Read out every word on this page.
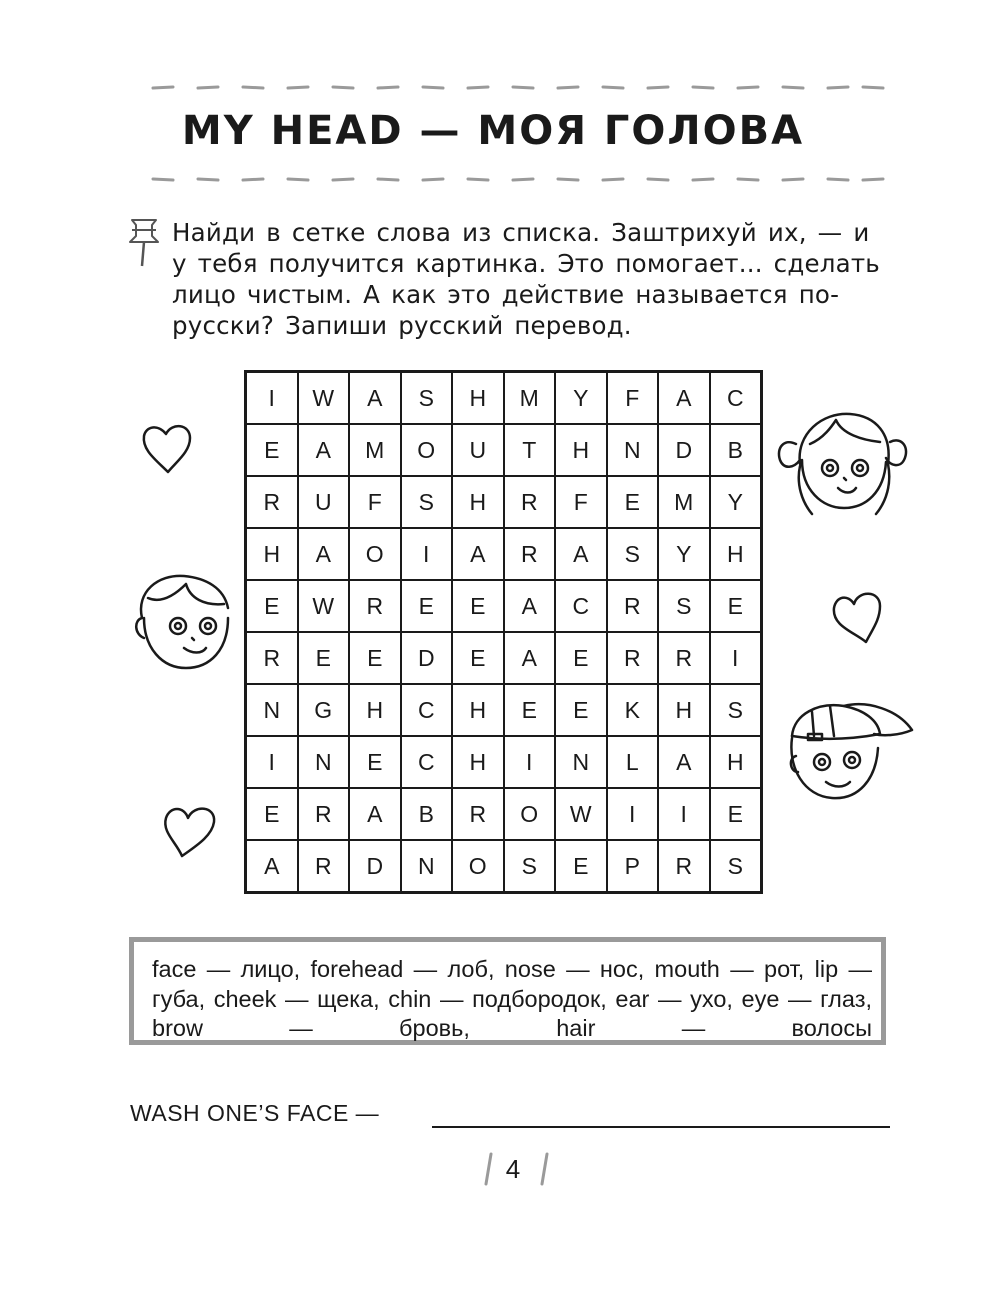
MY HEAD — МОЯ ГОЛОВА
Найди в сетке слова из списка. Заштрихуй их, — и у тебя получится картинка. Это помогает... сделать лицо чистым. А как это действие называется по-русски? Запиши русский перевод.
I	W	A	S	H	M	Y	F	A	C
E	A	M	O	U	T	H	N	D	B
R	U	F	S	H	R	F	E	M	Y
H	A	O	I	A	R	A	S	Y	H
E	W	R	E	E	A	C	R	S	E
R	E	E	D	E	A	E	R	R	I
N	G	H	C	H	E	E	K	H	S
I	N	E	C	H	I	N	L	A	H
E	R	A	B	R	O	W	I	I	E
A	R	D	N	O	S	E	P	R	S
face — лицо, forehead — лоб, nose — нос, mouth — рот, lip — губа, cheek — щека, chin — подбородок, ear — ухо, eye — глаз, brow — бровь, hair — волосы
WASH ONE’S FACE —
4
